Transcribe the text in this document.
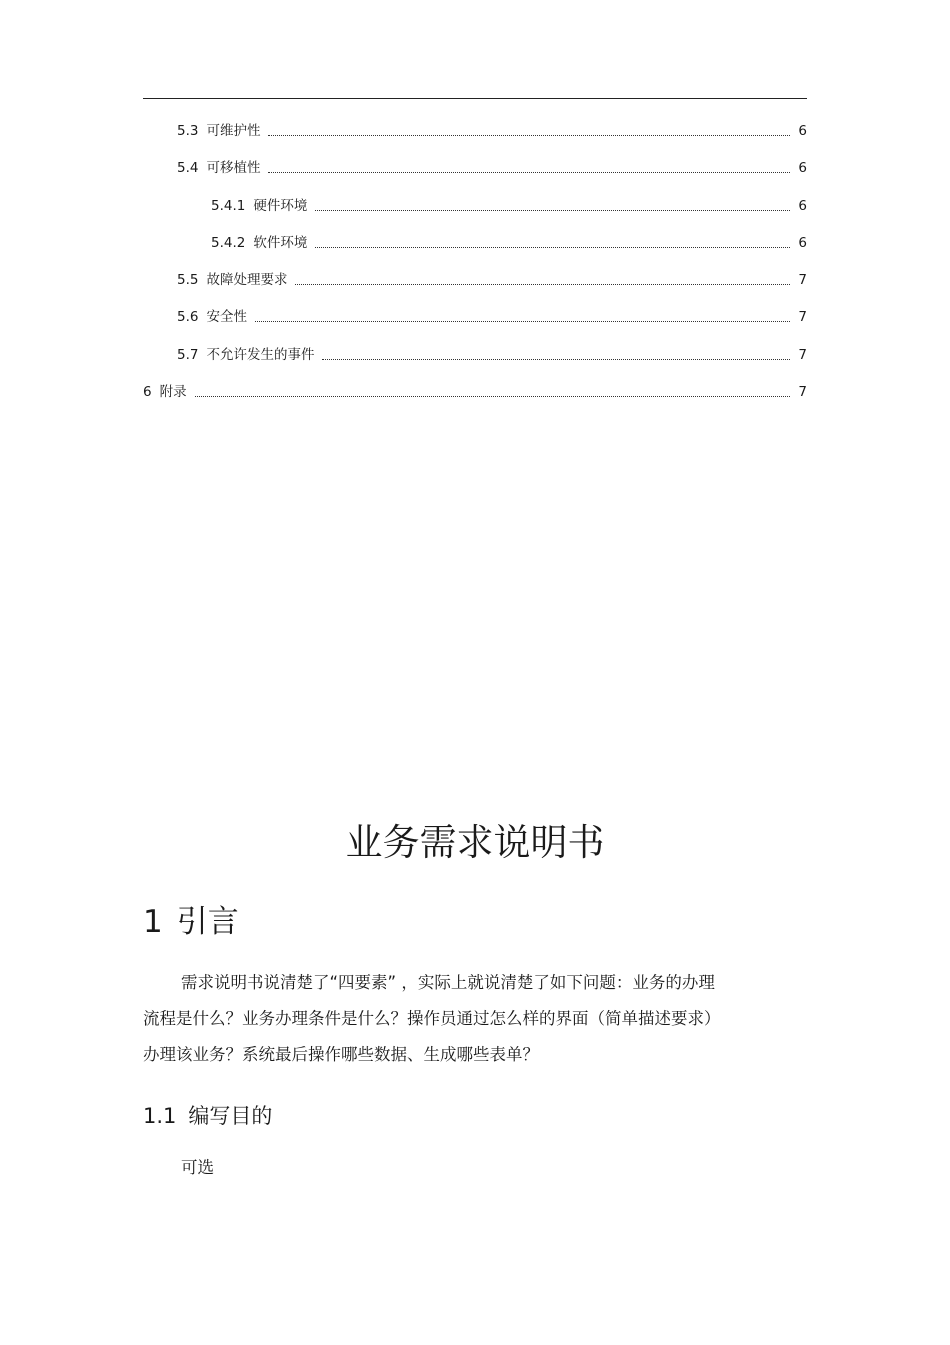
5.3 可维护性	6
5.4 可移植性	6
5.4.1 硬件环境	6
5.4.2 软件环境	6
5.5 故障处理要求	7
5.6 安全性	7
5.7 不允许发生的事件	7
6 附录	7
业务需求说明书
1 引言

需求说明书说清楚了“四要素” ，实际上就说清楚了如下问题：业务的办理
流程是什么？业务办理条件是什么？操作员通过怎么样的界面（简单描述要求）
办理该业务？系统最后操作哪些数据、生成哪些表单？

1.1 编写目的

可选
